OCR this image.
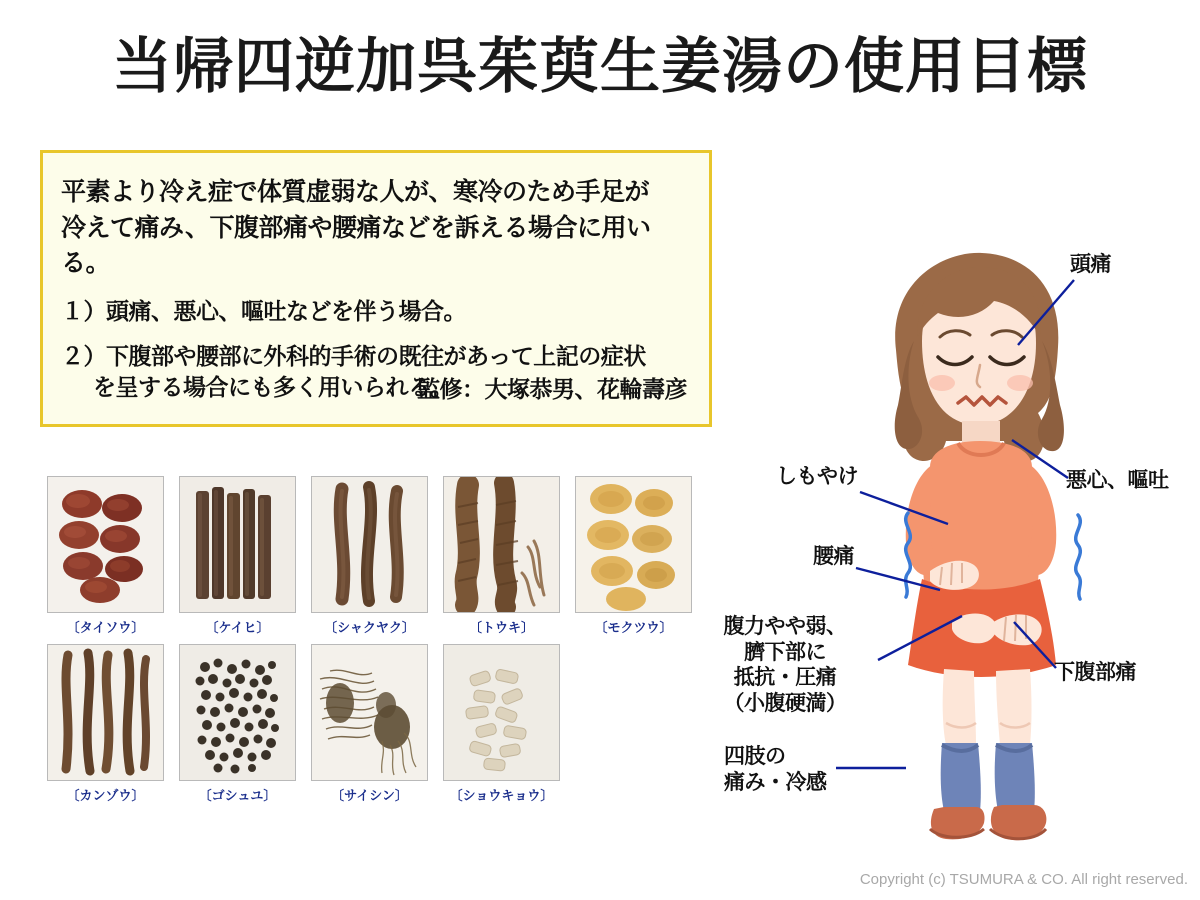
当帰四逆加呉茱萸生姜湯の使用目標
平素より冷え症で体質虚弱な人が、寒冷のため手足が
冷えて痛み、下腹部痛や腰痛などを訴える場合に用いる。
１）頭痛、悪心、嘔吐などを伴う場合。
２）下腹部や腰部に外科的手術の既往があって上記の症状
を呈する場合にも多く用いられる。
監修：大塚恭男、花輪壽彦
〔タイソウ〕	〔ケイヒ〕	〔シャクヤク〕	〔トウキ〕	〔モクツウ〕
〔カンゾウ〕	〔ゴシュユ〕	〔サイシン〕	〔ショウキョウ〕
頭痛
悪心、嘔吐
しもやけ
腰痛
腹力やや弱、
臍下部に
抵抗・圧痛
（小腹硬満）
下腹部痛
四肢の
痛み・冷感
Copyright (c) TSUMURA & CO. All right reserved.
